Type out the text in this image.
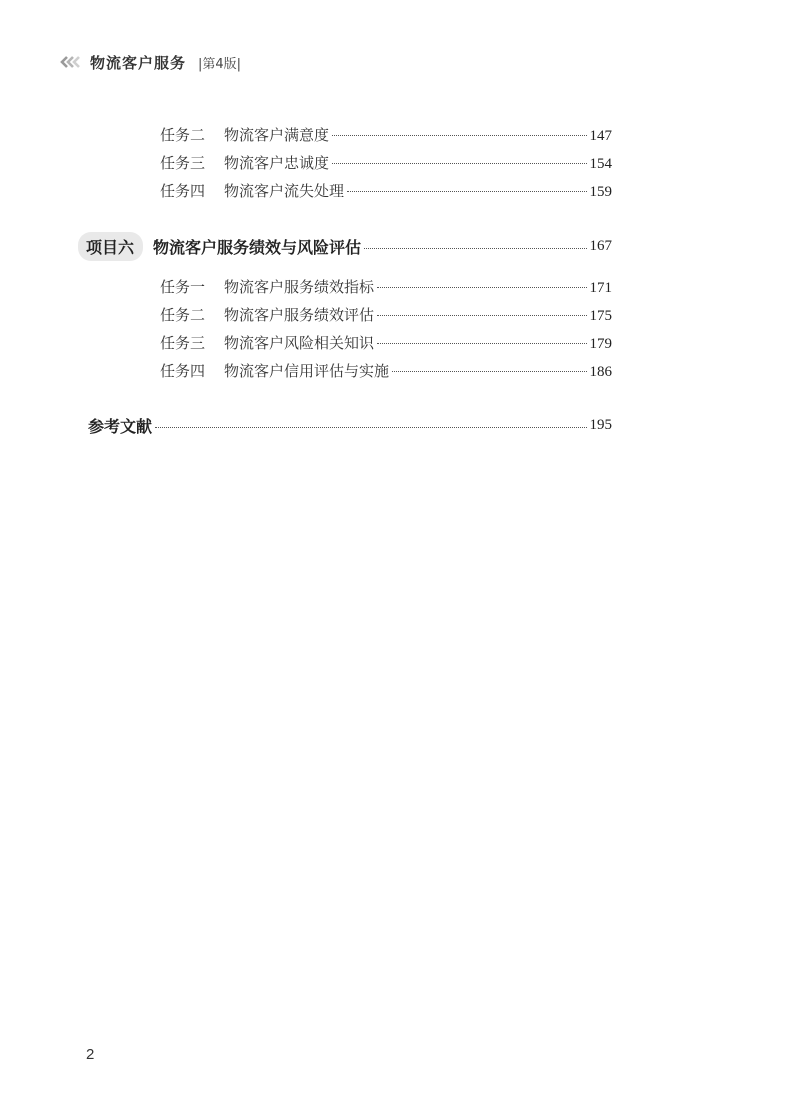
物流客户服务 |第4版|
任务二	物流客户满意度	147
任务三	物流客户忠诚度	154
任务四	物流客户流失处理	159
项目六	物流客户服务绩效与风险评估	167
任务一	物流客户服务绩效指标	171
任务二	物流客户服务绩效评估	175
任务三	物流客户风险相关知识	179
任务四	物流客户信用评估与实施	186
参考文献	195
2
